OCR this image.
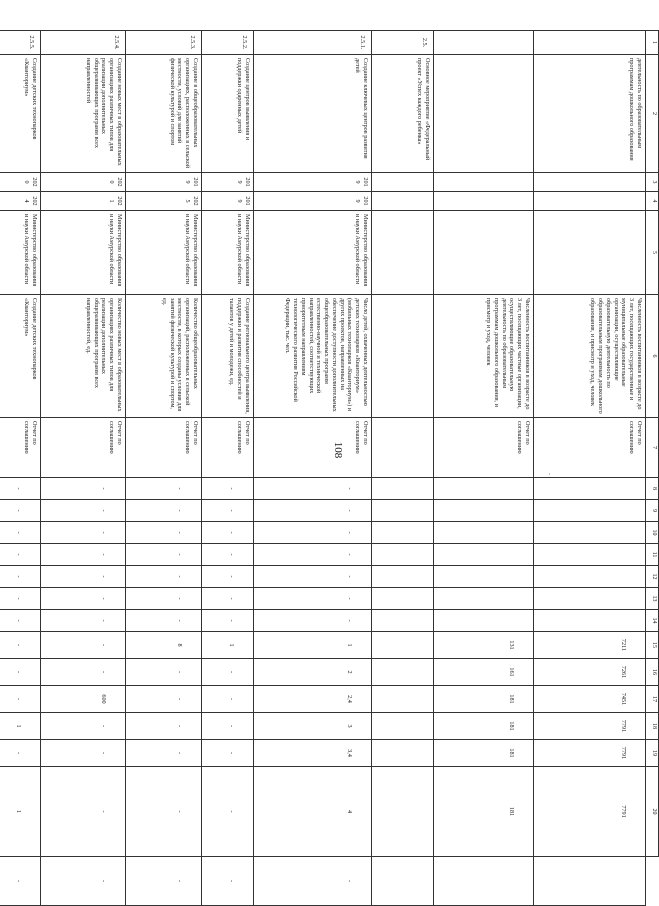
108
·
1	2	3	4	5	6	7	8	9	10	11	12	13	14	15	16	17	18	19	20	
	деятельность по образовательным программам дошкольного образования				Численность воспитанников в возрасте до 3 лет, посещающих государственные и муниципальные образовательные организации, осуществляющие образовательную деятельность по образовательным программам дошкольного образования, и присмотр и уход, человек	Отчет по соглашению								7211	7261	7451	7791	7791	7791	

					Численность воспитанников в возрасте до 3 лет, посещающих частные организации, осуществляющие образовательную деятельность по образовательным программам дошкольного образования, и присмотр и уход, человек	Отчет по соглашению								131	161	181	181	181	181	

2.5.	Основное мероприятие «Федеральный проект «Успех каждого ребенка»						

2.5.1.	Создание ключевых центров развития детей	2019	2019	Министерство образования и науки Амурской области	Число детей, охваченных деятельностью детских технопарков «Кванториум» (мобильных технопарков «Кванториум») и других проектов, направленных на обеспечение доступности дополнительных общеобразовательных программ естественно-научной и технической направленностей, соответствующих приоритетным направлениям технологического развития Российской Федерации, тыс. чел.	Отчет по соглашению	-	-	-	-	-	-	-	1	2	2,4	3	3,4	4	-

2.5.2.	Создание центров выявления и поддержки одаренных детей	2019	2019	Министерство образования и науки Амурской области	Создание регионального центра выявления, поддержки и развития способностей и талантов у детей и молодежи, ед.	Отчет по соглашению	-	-	-	-	-	-	-	1	-	-	-	-	-	-

2.5.3.	Создание в общеобразовательных организациях, расположенных в сельской местности, условий для занятий физической культурой и спортом	2019	2025	Министерство образования и науки Амурской области	Количество общеобразовательных организаций, расположенных в сельской местности, в которых созданы условия для занятий физической культурой и спортом, ед.	Отчет по соглашению	-	-	-	-	-	-	-	8	-	-	-	-	-	-

2.5.4.	Создание новых мест в образовательных организациях различных типов для реализации дополнительных общеразвивающих программ всех направленностей	2020	2021	Министерство образования и науки Амурской области	Количество новых мест в образовательных организациях различных типов для реализации дополнительных общеразвивающих программ всех направленностей, ед.	Отчет по соглашению	-	-	-	-	-	-	-	-	-	600	-	-	-	-

2.5.5.	Создание детских технопарков «Кванториум»	2020	2024	Министерство образования и науки Амурской области	Создание детских технопарков «Кванториум»	Отчет по соглашению	-	-	-	-	-	-	-	-	-	-	1	-	1	-
